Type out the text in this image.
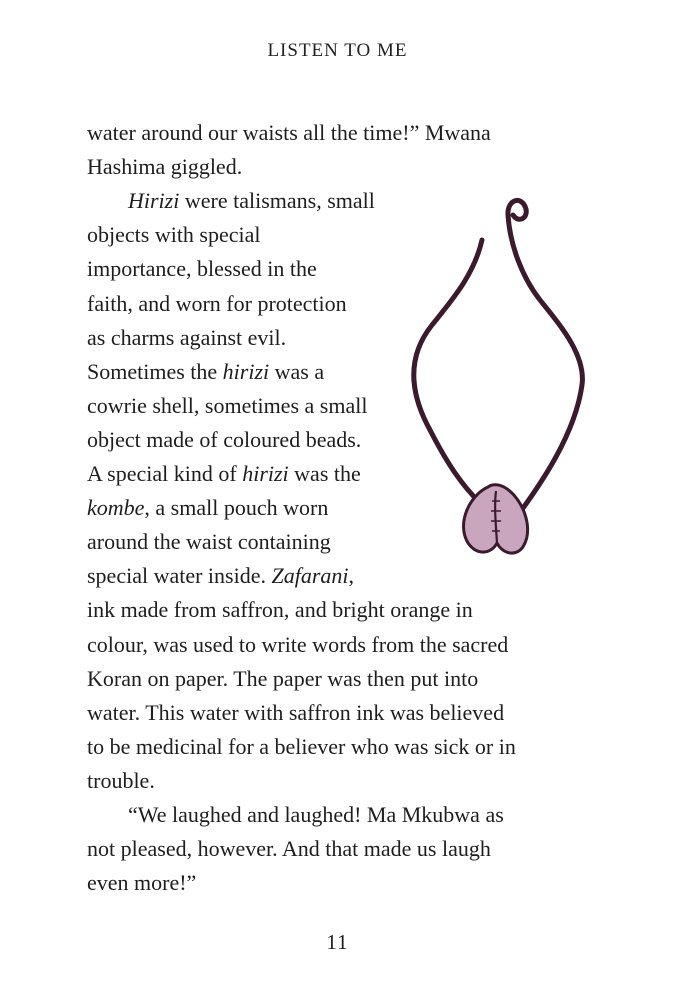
LISTEN TO ME
water around our waists all the time!” Mwana
Hashima giggled.
Hirizi were talismans, small
objects with special
importance, blessed in the
faith, and worn for protection
as charms against evil.
Sometimes the hirizi was a
cowrie shell, sometimes a small
object made of coloured beads.
A special kind of hirizi was the
kombe, a small pouch worn
around the waist containing
special water inside. Zafarani,
ink made from saffron, and bright orange in
colour, was used to write words from the sacred
Koran on paper. The paper was then put into
water. This water with saffron ink was believed
to be medicinal for a believer who was sick or in
trouble.
“We laughed and laughed! Ma Mkubwa as
not pleased, however. And that made us laugh
even more!”
11
